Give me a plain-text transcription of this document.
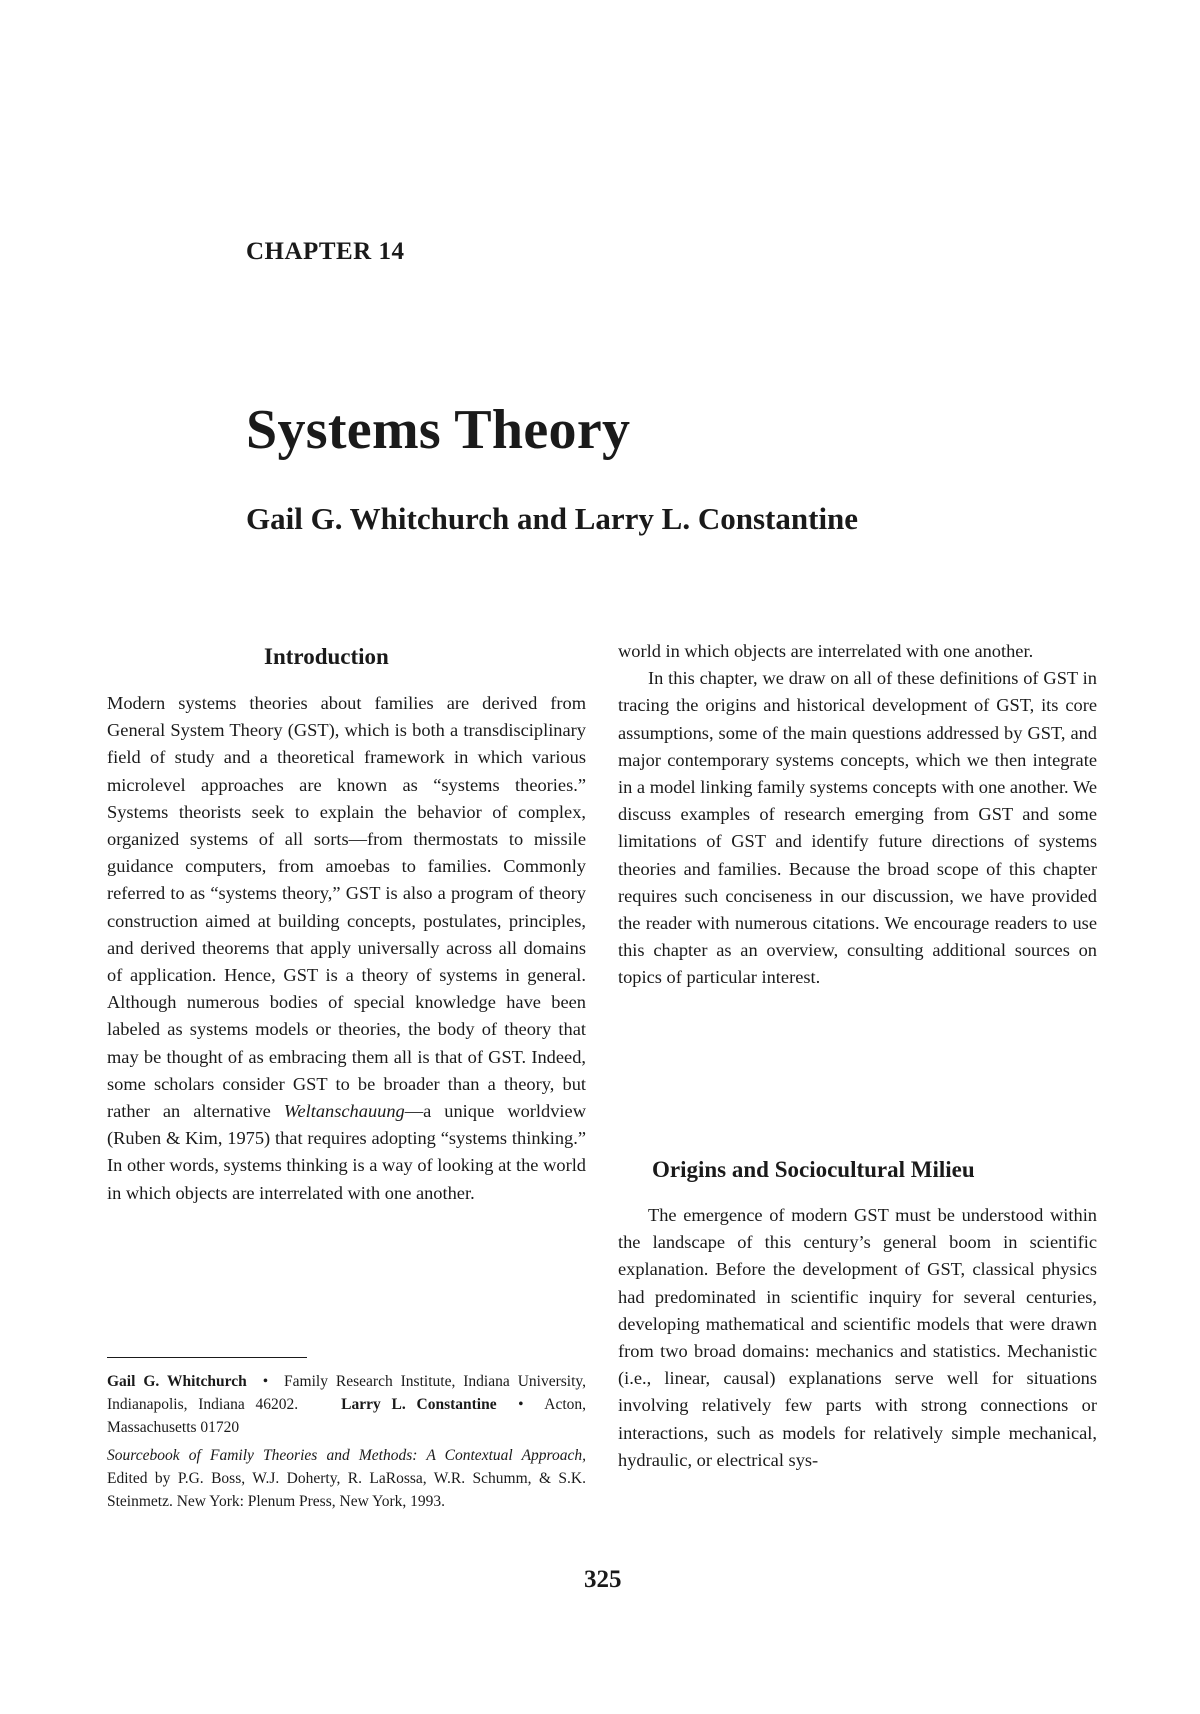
CHAPTER 14
Systems Theory
Gail G. Whitchurch and Larry L. Constantine
Introduction

Modern systems theories about families are derived from General System Theory (GST), which is both a transdisciplinary field of study and a theoretical framework in which various microlevel approaches are known as “systems theories.” Systems theorists seek to explain the behavior of complex, organized systems of all sorts—from thermostats to missile guidance computers, from amoebas to families. Commonly referred to as “systems theory,” GST is also a program of theory construction aimed at building concepts, postulates, principles, and derived theorems that apply universally across all domains of application. Hence, GST is a theory of systems in general. Although numerous bodies of special knowledge have been labeled as systems models or theories, the body of theory that may be thought of as embracing them all is that of GST. Indeed, some scholars consider GST to be broader than a theory, but rather an alternative Weltanschauung—a unique worldview (Ruben & Kim, 1975) that requires adopting “systems thinking.” In other words, systems thinking is a way of looking at the world in which objects are interrelated with one another.

world in which objects are interrelated with one another.

In this chapter, we draw on all of these definitions of GST in tracing the origins and historical development of GST, its core assumptions, some of the main questions addressed by GST, and major contemporary systems concepts, which we then integrate in a model linking family systems concepts with one another. We discuss examples of research emerging from GST and some limitations of GST and identify future directions of systems theories and families. Because the broad scope of this chapter requires such conciseness in our discussion, we have provided the reader with numerous citations. We encourage readers to use this chapter as an overview, consulting additional sources on topics of particular interest.

Origins and Sociocultural Milieu

The emergence of modern GST must be understood within the landscape of this century’s general boom in scientific explanation. Before the development of GST, classical physics had predominated in scientific inquiry for several centuries, developing mathematical and scientific models that were drawn from two broad domains: mechanics and statistics. Mechanistic (i.e., linear, causal) explanations serve well for situations involving relatively few parts with strong connections or interactions, such as models for relatively simple mechanical, hydraulic, or electrical sys-

Gail G. Whitchurch • Family Research Institute, Indiana University, Indianapolis, Indiana 46202.	Larry L. Constantine • Acton, Massachusetts 01720
Sourcebook of Family Theories and Methods: A Contextual Approach, Edited by P.G. Boss, W.J. Doherty, R. LaRossa, W.R. Schumm, & S.K. Steinmetz. New York: Plenum Press, New York, 1993.
325
